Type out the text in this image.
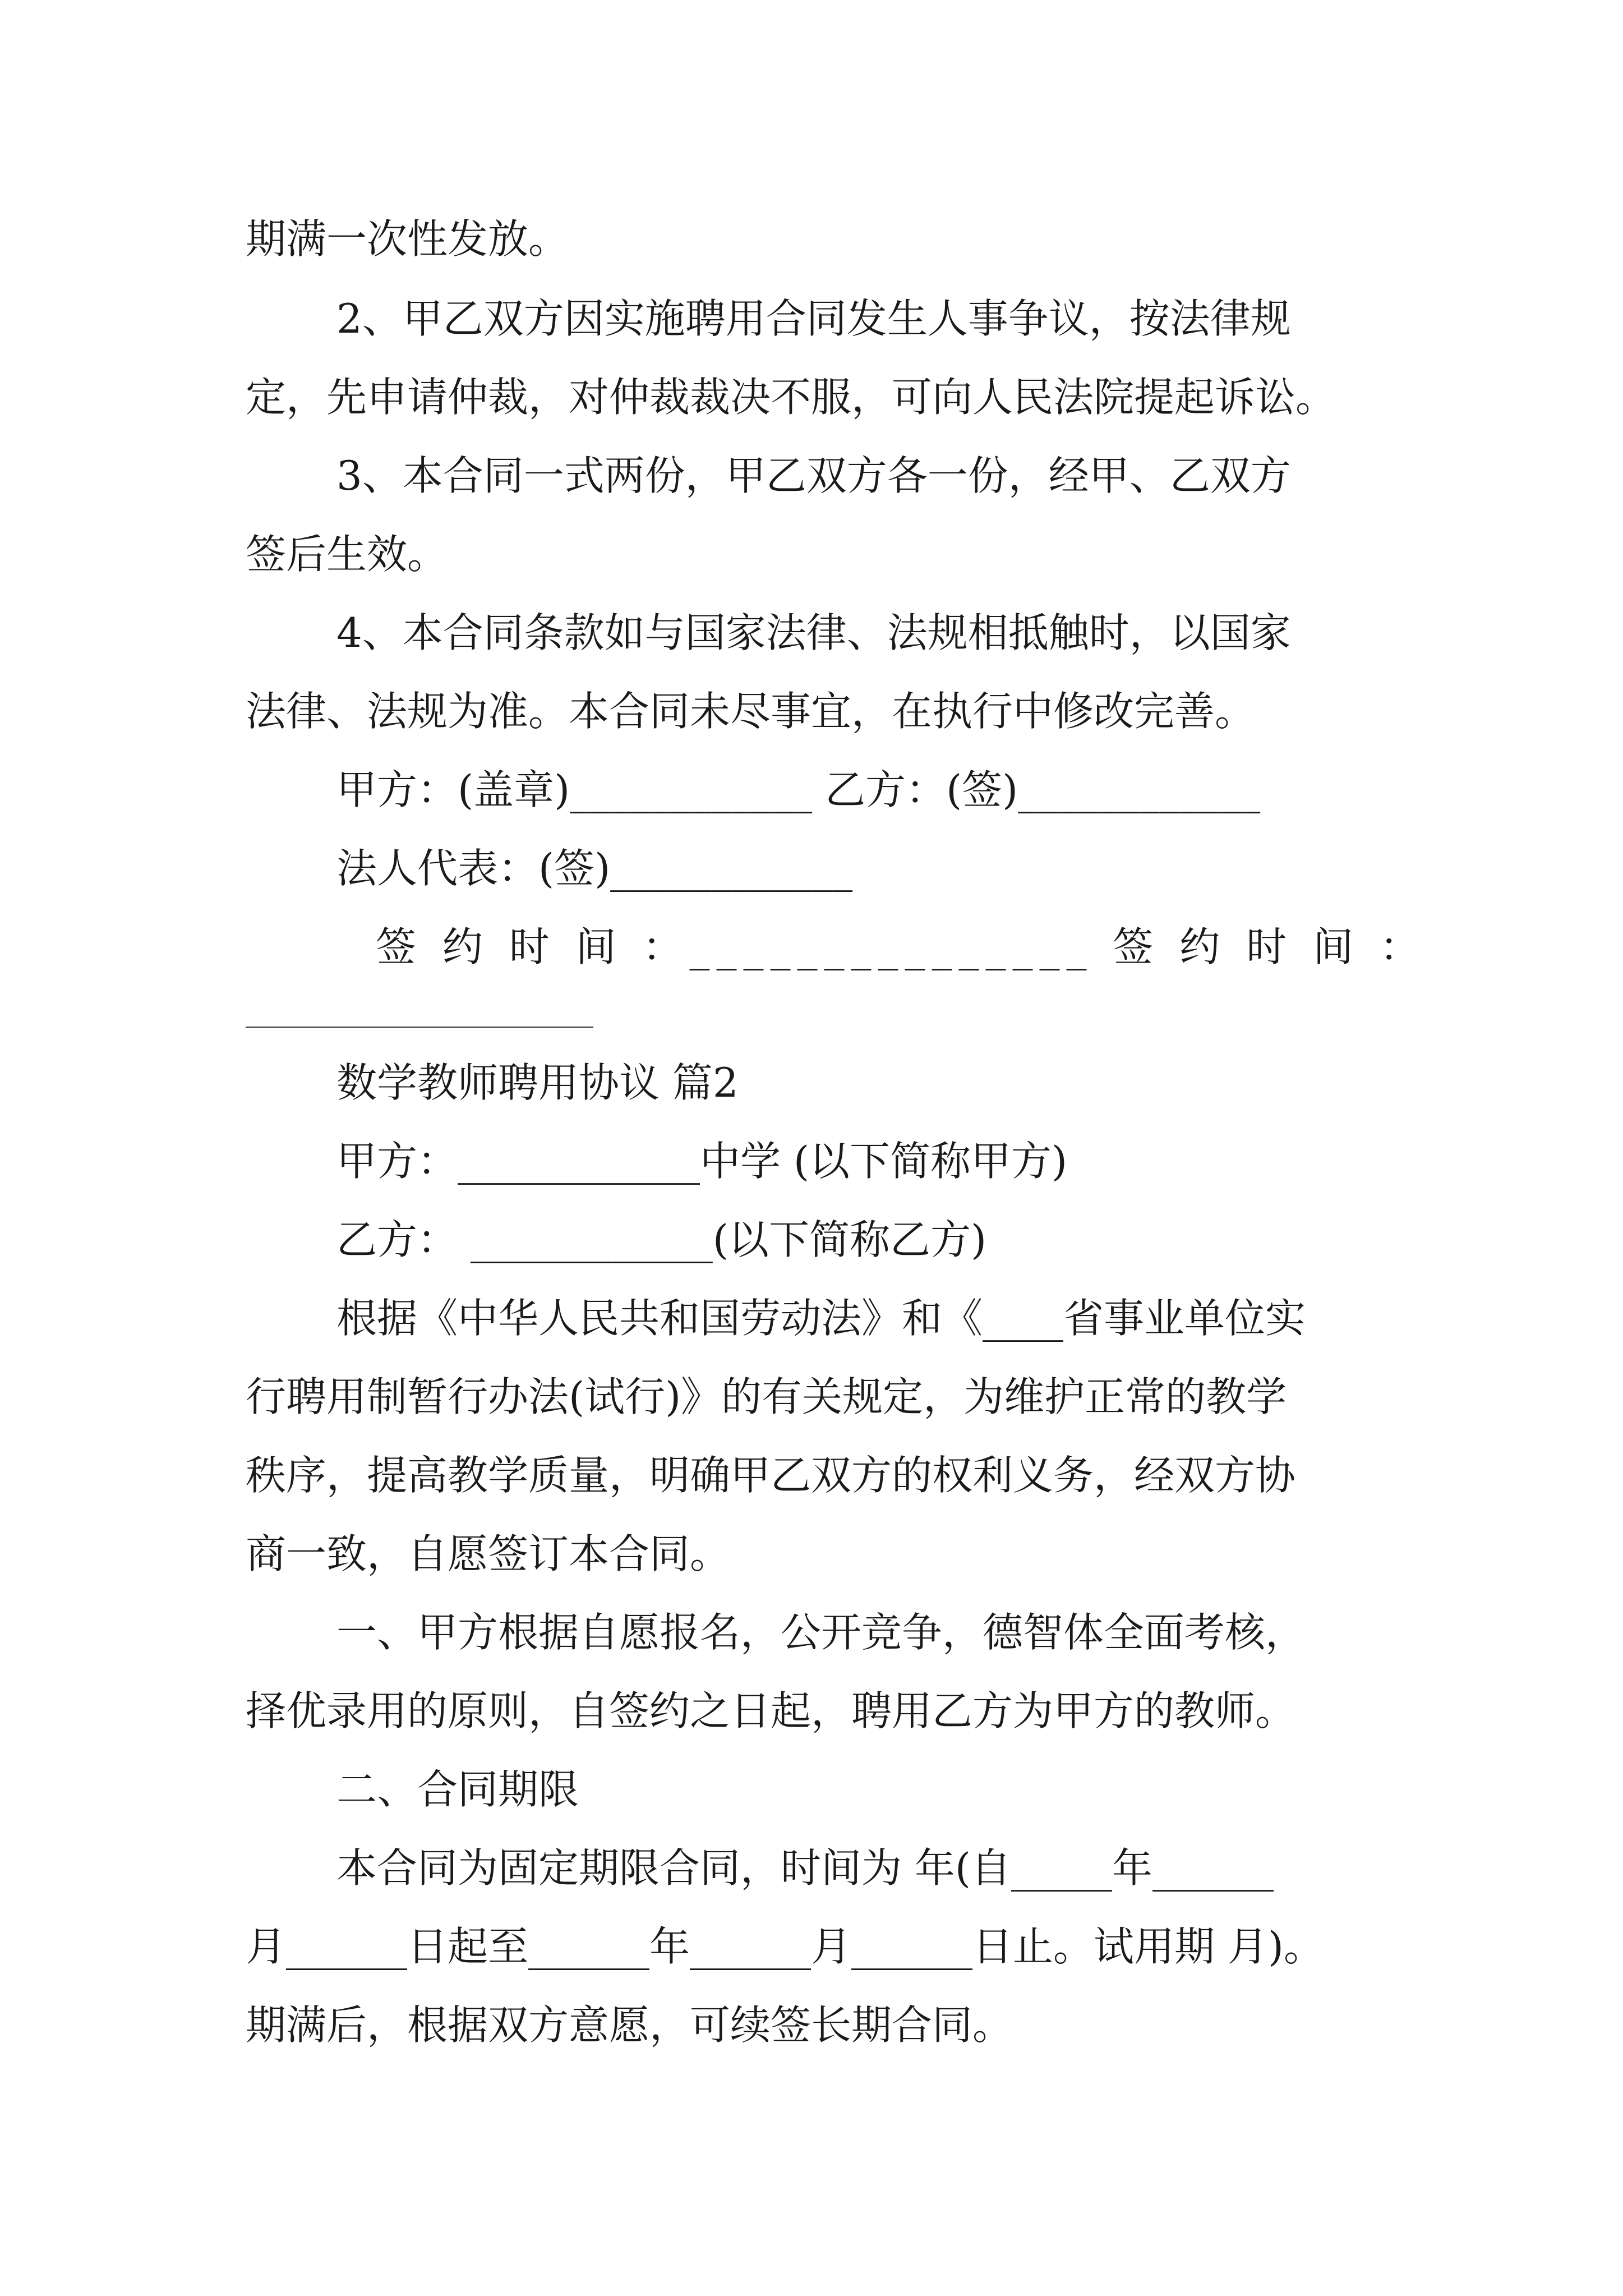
期满一次性发放。

2、甲乙双方因实施聘用合同发生人事争议，按法律规

定，先申请仲裁，对仲裁裁决不服，可向人民法院提起诉讼。

3、本合同一式两份，甲乙双方各一份，经甲、乙双方

签后生效。

4、本合同条款如与国家法律、法规相抵触时，以国家

法律、法规为准。本合同未尽事宜，在执行中修改完善。

甲方：(盖章)____________ 乙方：(签)____________

法人代表：(签)____________

签 约 时 间 ：_______________ 签 约 时 间 ：

数学教师聘用协议 篇2

甲方：____________中学 (以下简称甲方)

乙方： ____________(以下简称乙方)

根据《中华人民共和国劳动法》和《____省事业单位实

行聘用制暂行办法(试行)》的有关规定，为维护正常的教学

秩序，提高教学质量，明确甲乙双方的权利义务，经双方协

商一致，自愿签订本合同。

一、甲方根据自愿报名，公开竞争，德智体全面考核，

择优录用的原则，自签约之日起，聘用乙方为甲方的教师。

二、合同期限

本合同为固定期限合同，时间为 年(自_____年______

月______日起至______年______月______日止。试用期 月)。

期满后，根据双方意愿，可续签长期合同。
